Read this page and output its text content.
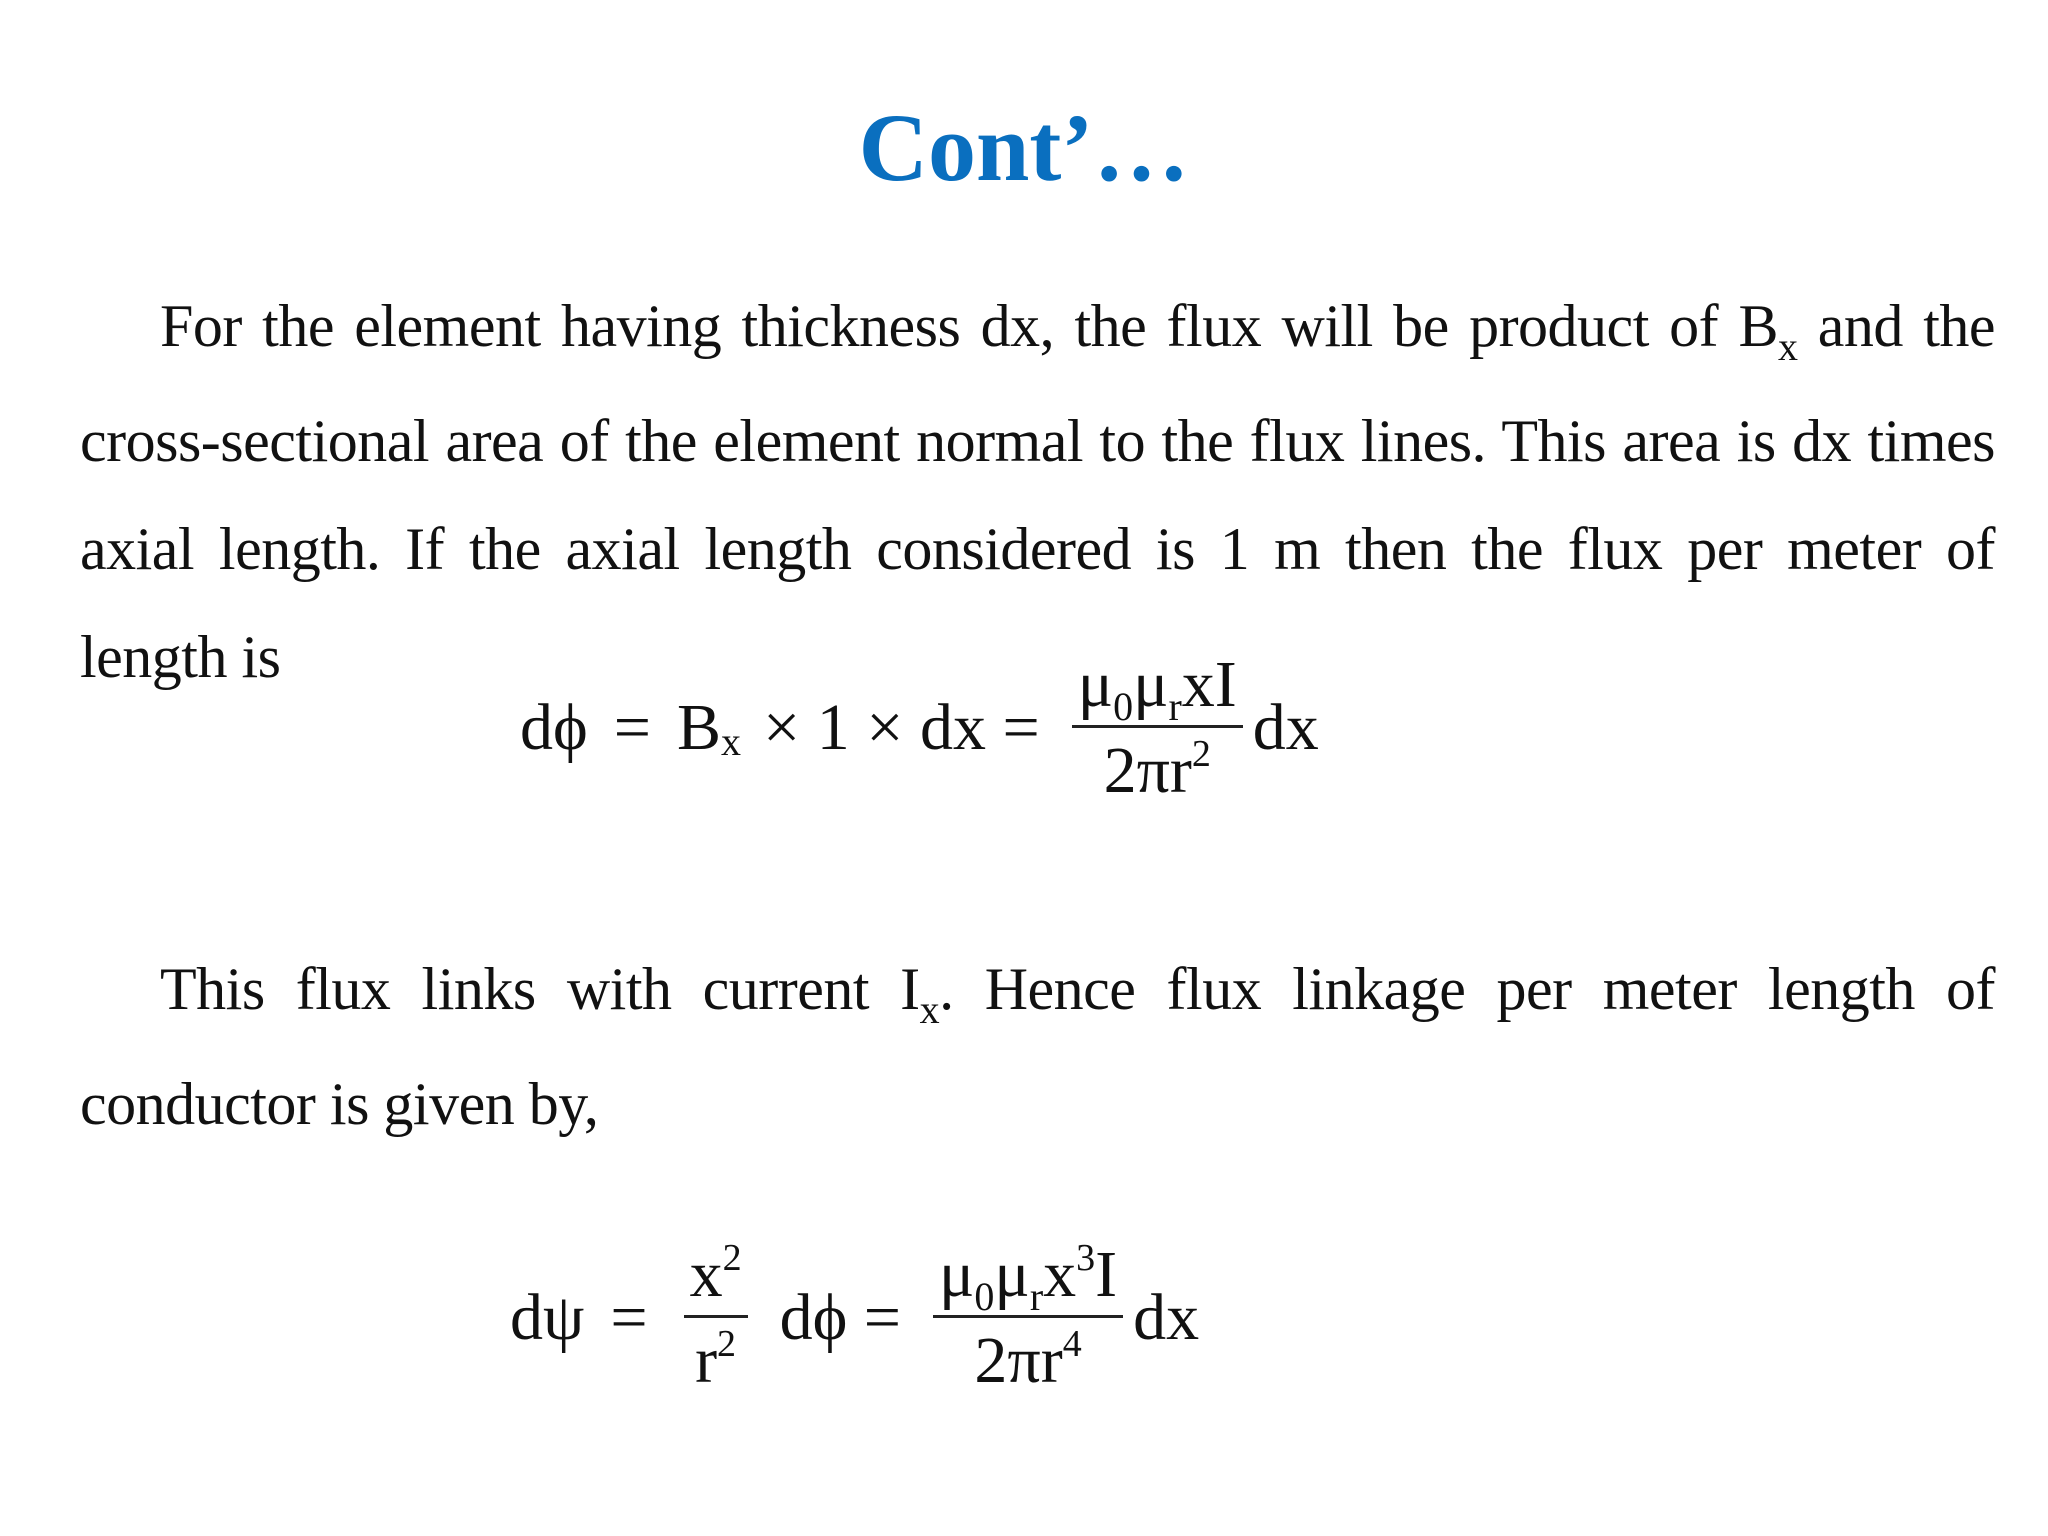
Cont’…

For the element having thickness dx, the flux will be product of $B_x$ and the cross-sectional area of the element normal to the flux lines. This area is dx times axial length. If the axial length considered is 1 m then the flux per meter of length is

dϕ = B x × 1 × dx = $\frac{\mu_0\mu_rxI}{2\pi r^2}$ dx

This flux links with current $I_x$. Hence flux linkage per meter length of conductor is given by,

$d\psi = \frac{x^2}{r^2}$ $d\phi = \frac{\mu_0\mu_rx^3I}{2\pi r^4}$ dx
